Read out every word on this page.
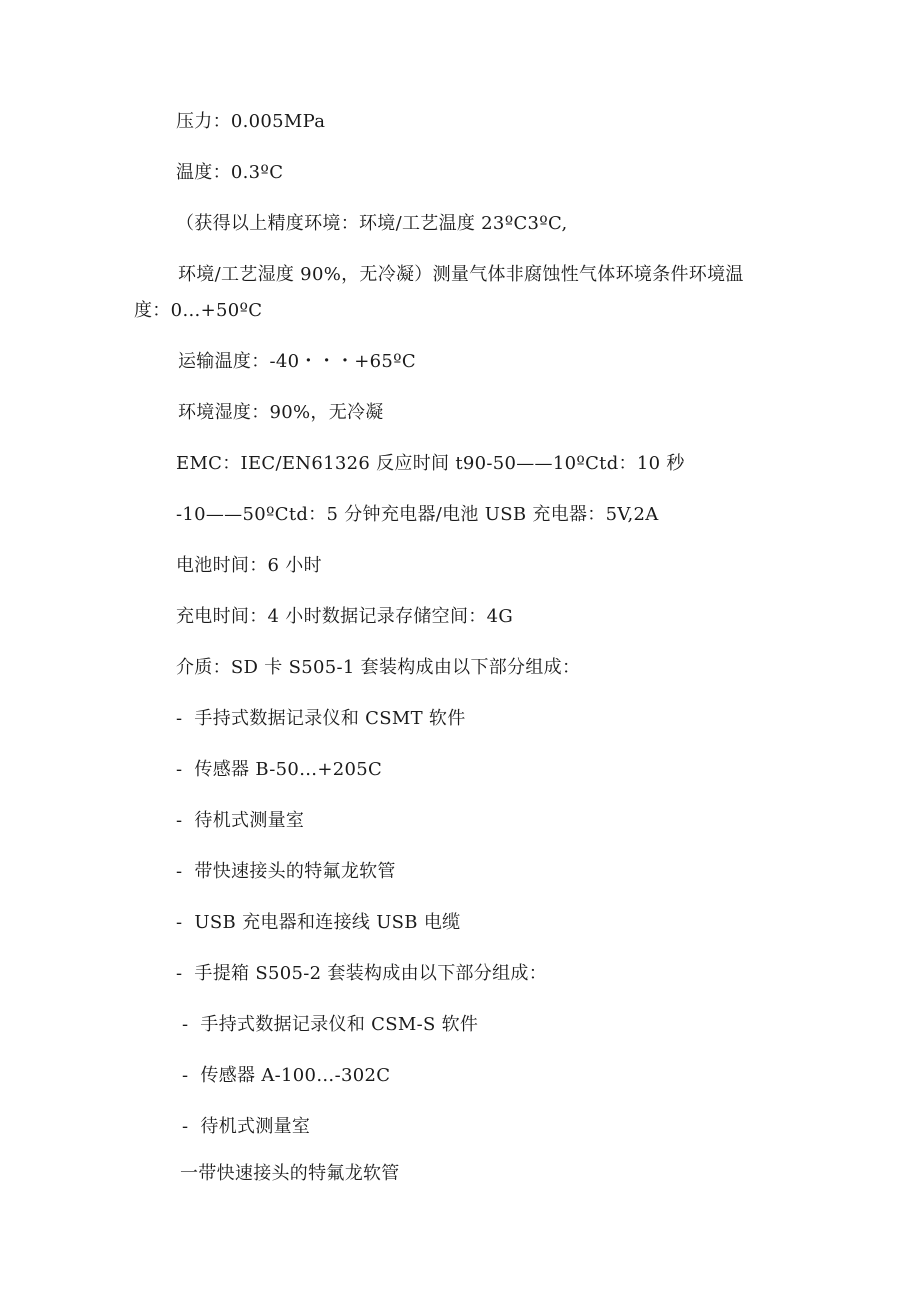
压力：0.005MPa
温度：0.3ºC
（获得以上精度环境：环境/工艺温度 23ºC3ºC,
环境/工艺湿度 90%，无冷凝）测量气体非腐蚀性气体环境条件环境温
度：0…+50ºC
运输温度：-40・・・+65ºC
环境湿度：90%，无冷凝
EMC：IEC/EN61326 反应时间 t90-50——10ºCtd：10 秒
-10——50ºCtd：5 分钟充电器/电池 USB 充电器：5V,2A
电池时间：6 小时
充电时间：4 小时数据记录存储空间：4G
介质：SD 卡 S505-1 套装构成由以下部分组成：
-  手持式数据记录仪和 CSMT 软件
-  传感器 B-50…+205C
-  待机式测量室
-  带快速接头的特氟龙软管
-  USB 充电器和连接线 USB 电缆
-  手提箱 S505-2 套装构成由以下部分组成：
-  手持式数据记录仪和 CSM-S 软件
-  传感器 A-100…-302C
-  待机式测量室
一带快速接头的特氟龙软管
